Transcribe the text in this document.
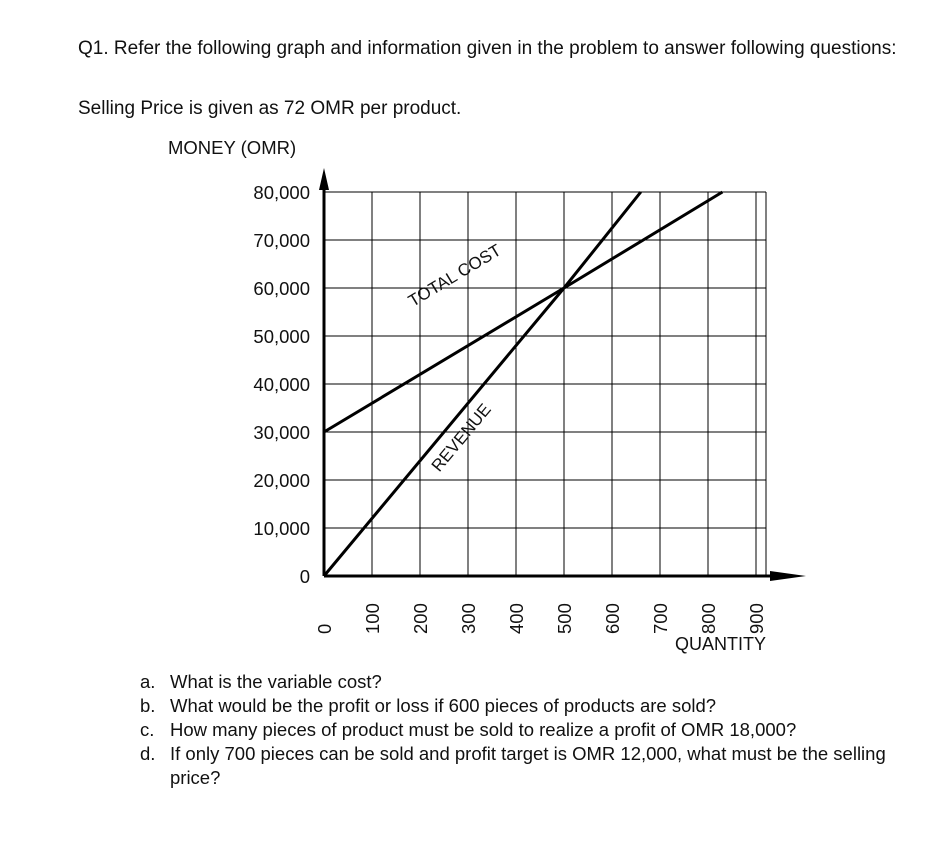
Q1. Refer the following graph and information given in the problem to answer following questions:
Selling Price is given as 72 OMR per product.
TOTAL COST
REVENUE
0
10,000
20,000
30,000
40,000
50,000
60,000
70,000
80,000
0 100 200 300 400 500 600 700 800 900
MONEY (OMR)
QUANTITY
a. What is the variable cost?
b. What would be the profit or loss if 600 pieces of products are sold?
c. How many pieces of product must be sold to realize a profit of OMR 18,000?
d. If only 700 pieces can be sold and profit target is OMR 12,000, what must be the selling price?
